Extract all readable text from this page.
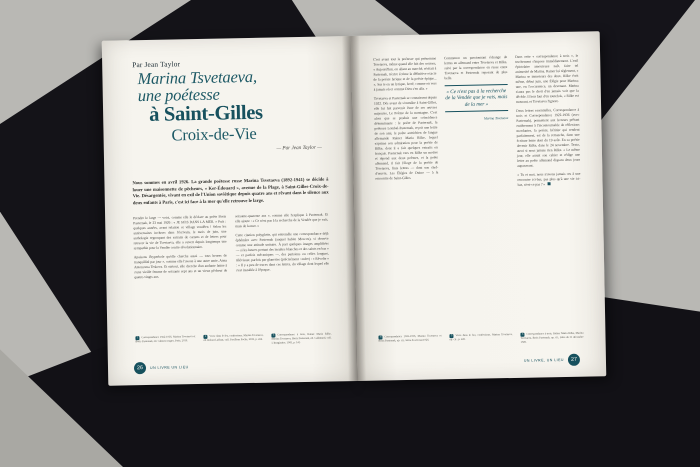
Par Jean Taylor
Marina Tsvetaeva,
une poétesse
à Saint-Gilles
Croix-de-Vie
— Par Jean Taylor —
Nous sommes en avril 1926. La grande poétesse russe Marina Tsvetaeva (1892-1941) se décide à louer une maisonnette de pêcheurs, « Ker-Édouard », avenue de la Plage, à Saint-Gilles-Croix-de-Vie. Désargentée, vivant en exil de l'Union soviétique depuis quatre ans et rêvant dans le silence aux deux enfants à Paris, c'est ici face à la mer qu'elle retrouve le large.

Prendre le large — voici, comme elle le déclare au poète Boris Pasternak, le 23 mai 1926 : « JE SUIS DANS LA MER. » Puis : quelques années, avant relation ce village vendéen ! Selon les anniversaires incluses dans l'écrivain, le mois de juin, une anthologie regroupant des extraits de carnets et de lettres pour retracer la vie de Tsvetaeva, elle a ouvert depuis longtemps une sympathie pour la Vendée contre-révolutionnaire.

Apaisons l'hyperbole qu'elle cherche aussi — tous heures de tranquillité par jour », comme elle l'avoue à une autre amie, Anna Antonovna Teskova. Et surtout, elle cherche d'un andante latine à s'une vieille femme de soixante sept ans et un vieux pêcheur de quatre-vingts ans.

soixante-quatorze ans », comme elle l'explique à Pasternak. Et elle ajoute : « Ce n'est pas à la recherche de la Vendée que je vais, mais de la mer. »

Cette citation polyglotte, qui entremêle une correspondance déjà éphémère avec Pasternak (auquel habite Moscou), si observe comme une attitude unitaire. À part quelques images amplifiées — si les heures portant des insultes blanches et des saluts en bas » — et parfois mécaniques —, des parisiens ou celles longues, télévisuer, parfois par glaneries (précisément : enfer) : « Révolte » : « Il y a peu de traces dans ces lettres, du village dont lequel elle s'est installée à l'époque.

1 Correspondance 1922-1936, Marina Tsvetaeva et Boris Pasternak, éd. Cahiers rouges, Paris, 2019.
2 Vivre dans le feu, confessions, Marina Tsvetaeva, éd. Robert Laffont, coll. Pavillons Poche, 2019, p. 224.
3 Correspondance à trois, Rainer Maria Rilke, Marina Tsvetaeva, Boris Pasternak, éd. Gallimard, coll. L'Imaginaire, 1983, p. 141.
26	UN LIVRE UN LIEU

C'est avant tout la poétesse qui prénomme Tsvetaeva, même quand elle fait des courses, « Aujourd'hui, on allant au marché, récitait à Pasternak, récrire écrime la définitive exacte de la poésie lyrique et de la poésie épique... », Sur te en un lyrique, ferré, comme en vers à jamais où et comme Dieu s'en alla. »

Tsvetaeva et Pasternak se connaissent depuis 1922. Dès avant de s'entraîne à Saint-Gilles, elle lui fait parvenir l'une de ses œuvres majeures, Le Poème de la montagne. C'est alors que se produit une coïncidence déterminante : le poète de Pasternak, la poétesse Lombal-Pasternak, reçoit une lettre de son ami, le poète autrichien de langue allemande Rainer Maria Rilke, lequel exprime son admiration pour la poésie de Rilke, dont il a fait quelques extraits en français. Pasternak vers en Rilke un motive et répond aux deux poèmes, et la poète allemand, il fait l'éloge de la poésie de Tsvetaeva, finis lettres — dont son chef-d'œuvre, Les Élégies de Duino — à la rencontre de Saint-Gilles.

Commence un passionnant échange de lettres en allemand entre Tsvetaeva et Rilke, suivi par la correspondance en russe entre Tsvetaeva et Pasternak reposant de plus belle.

« Ce n'est pas à la recherche de la Vendée que je vais, mais de la mer »
Marina Tsvetaeva

Dans cette « correspondance à trois », le truchement s'impose immédiatement. L'exil épistolaire amoureuse naît, faire tel animosité de Marina. Rainer lui réglement, « Marina se inmensurs des deux, Rilke écrit même, début juin, une Élégie pour Marina; une, en l'occurrence, un devenant. Marina n'aura pas le droit d'en jamais voir que la décède. Il leur faut d'en toutefois, « Rilke est mourant, et Tsvetaeva l'ignore.

Deux lettres essentielles, Correspondance à trois et Correspondance 1922-1936 (avec Pasternak), permettent aux lecteurs prêtant entièrement à l'incontournable de réflexions mordantes, la poésie, héritier qui rendent parfaitement, est de la retranche, dans une écriture lettre dont du 19 août. En sa poésie devenir Rilke, dans le 24 novembre. Texto, aussi si nous jamais rien Rilke. « Le même jour, elle aurait son cahier et rédige une lettre au poète allemand disparu deux jours auparavant.

« Tu et moi, nous n'avons jamais cru à une rencontre ici-bas, pas plus qu'à une vie ici-bas, n'est-ce pas ? »

4 Correspondance 1922-1936, Marina Tsvetaeva et Boris Pasternak, op. cit., lettre du 22 mai 1926.
5 Vivre dans le feu, confessions, Marina Tsvetaeva, op. cit., p. 226.
6 Correspondance à trois, Rainer Maria Rilke, Marina Tsvetaeva, Boris Pasternak, op. cit., lettre du 31 décembre 1926.
27
UN LIVRE, UN LIEU
